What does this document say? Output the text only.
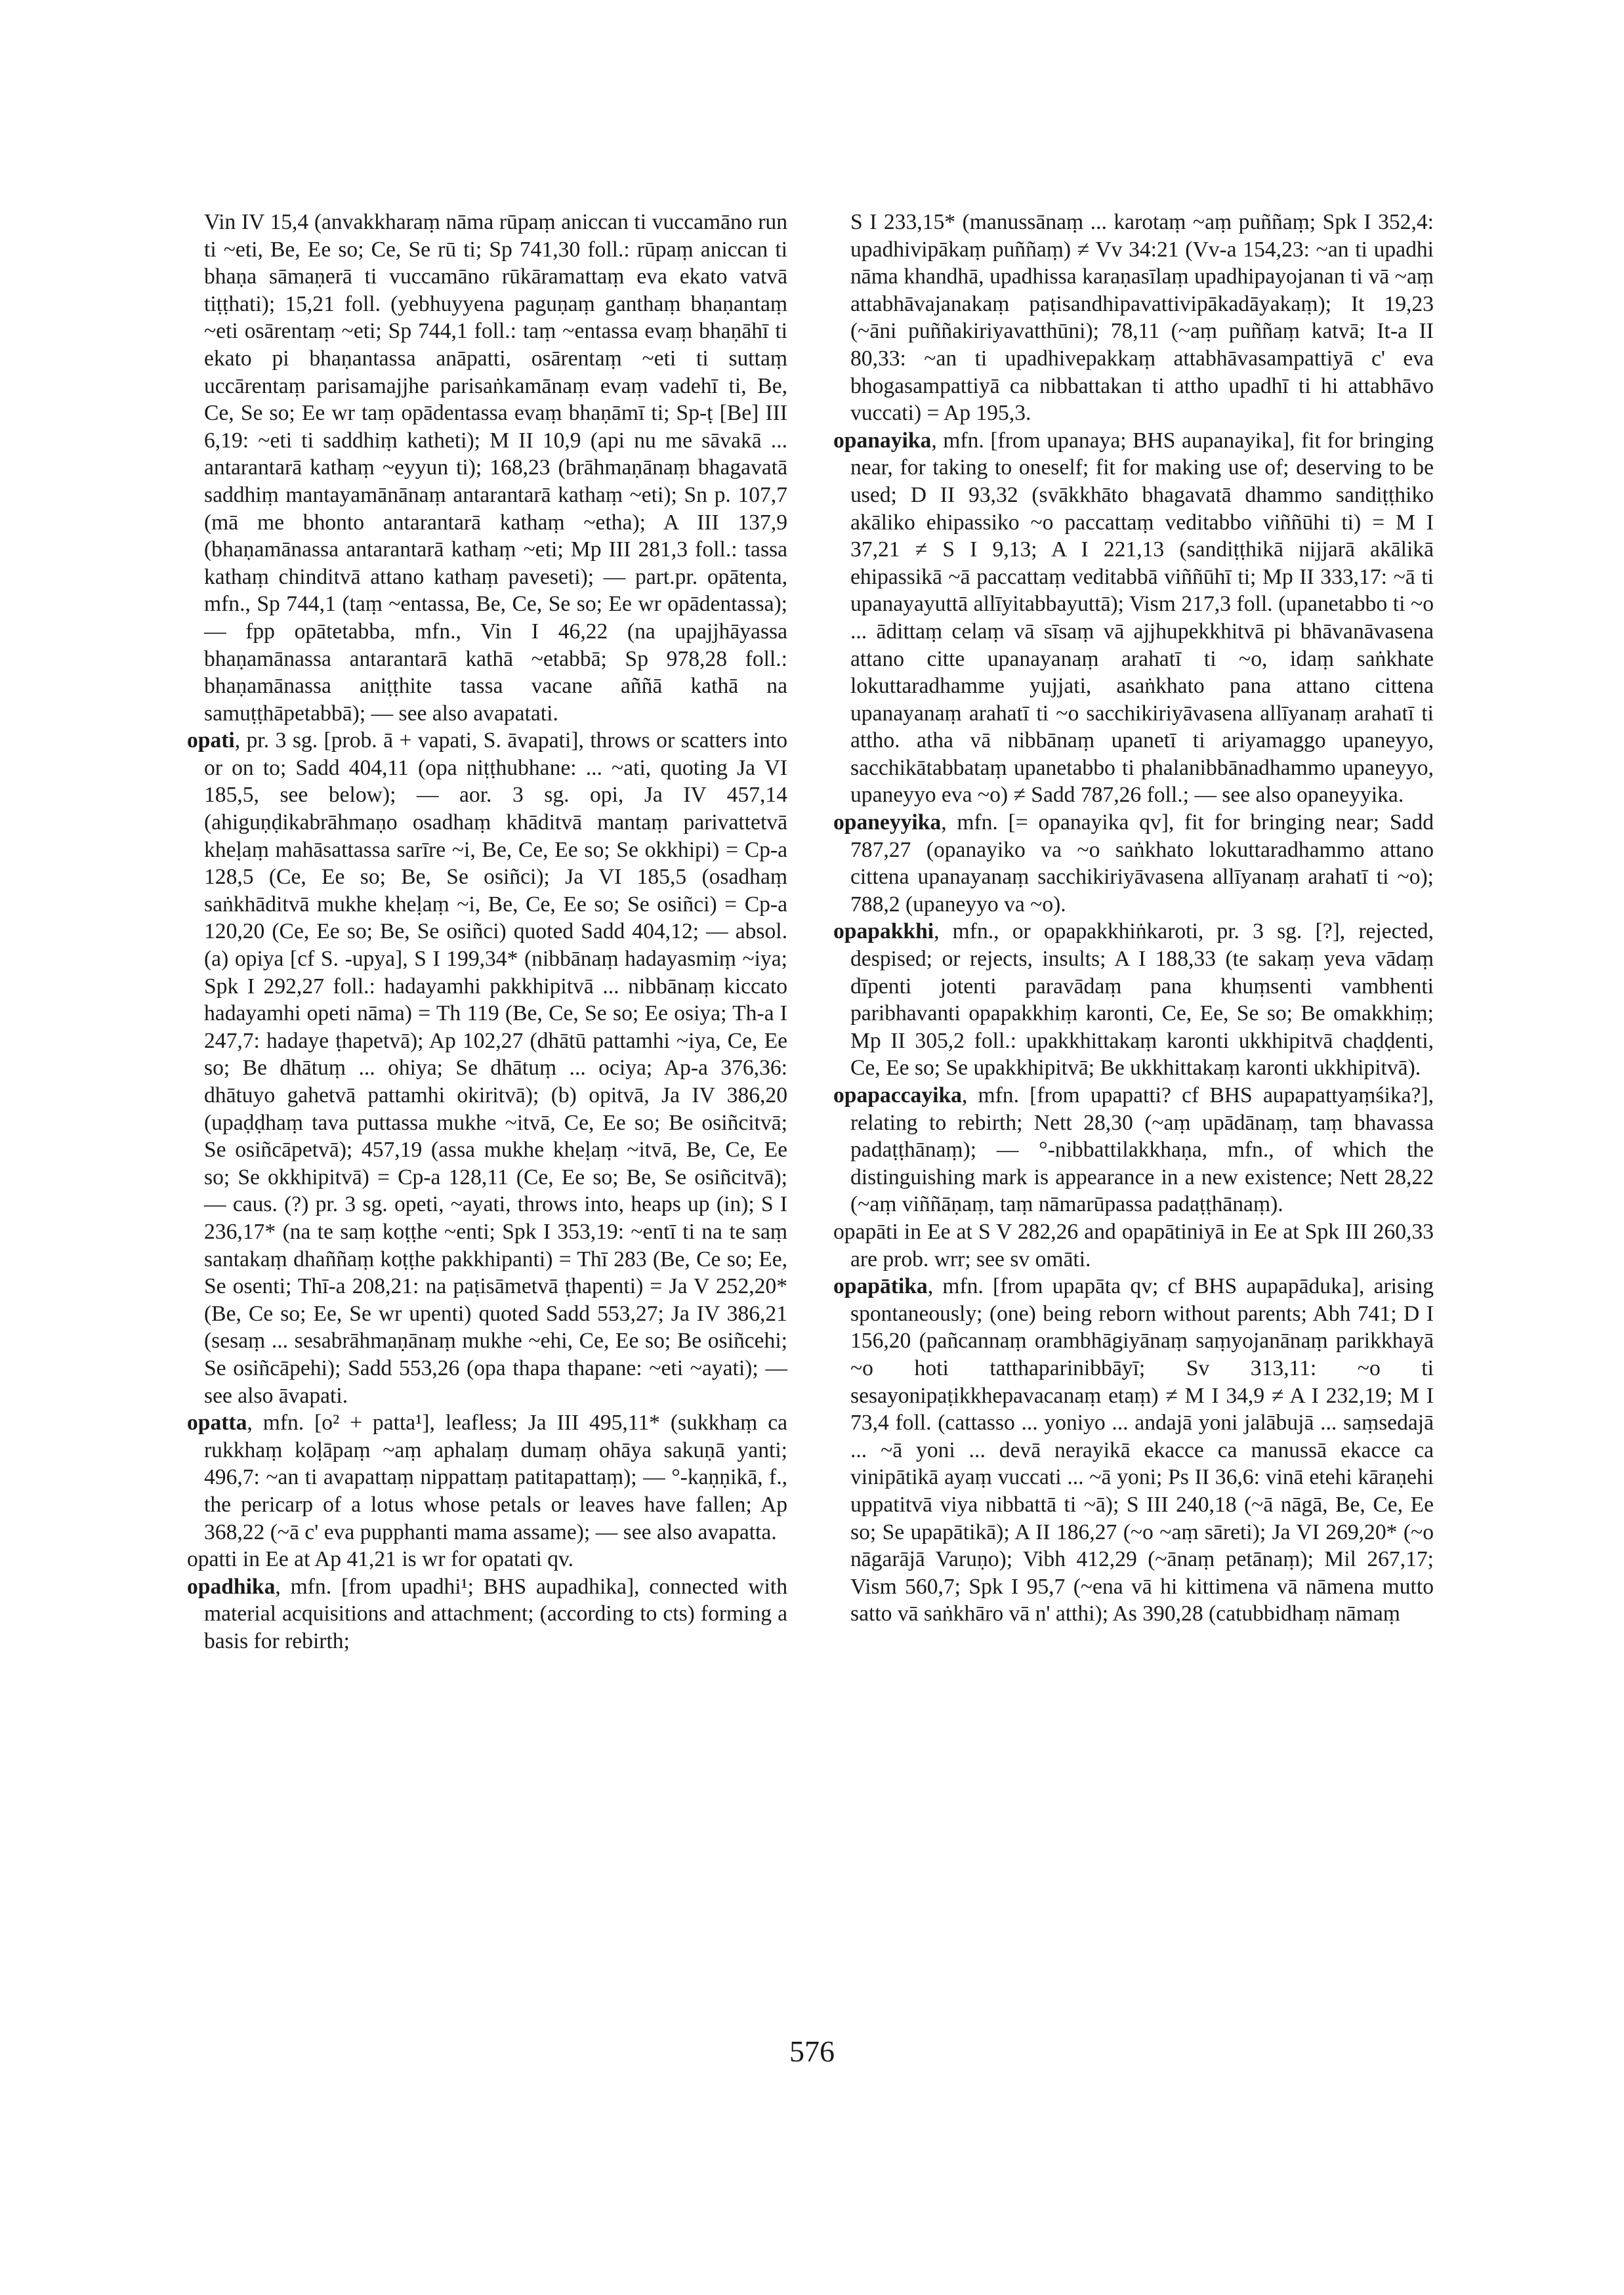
Vin IV 15,4 (anvakkharaṃ nāma rūpaṃ aniccan ti vuccamāno run ti ~eti, Be, Ee so; Ce, Se rū ti; Sp 741,30 foll.: rūpaṃ aniccan ti bhaṇa sāmaṇerā ti vuccamāno rūkāramattaṃ eva ekato vatvā tiṭṭhati); 15,21 foll. (yebhuyyena paguṇaṃ ganthaṃ bhaṇantaṃ ~eti osārentaṃ ~eti; Sp 744,1 foll.: taṃ ~entassa evaṃ bhaṇāhī ti ekato pi bhaṇantassa anāpatti, osārentaṃ ~eti ti suttaṃ uccārentaṃ parisamajjhe parisaṅkamānaṃ evaṃ vadehī ti, Be, Ce, Se so; Ee wr taṃ opādentassa evaṃ bhaṇāmī ti; Sp-ṭ [Be] III 6,19: ~eti ti saddhiṃ katheti); M II 10,9 (api nu me sāvakā ... antarantarā kathaṃ ~eyyun ti); 168,23 (brāhmaṇānaṃ bhagavatā saddhiṃ mantayamānānaṃ antarantarā kathaṃ ~eti); Sn p. 107,7 (mā me bhonto antarantarā kathaṃ ~etha); A III 137,9 (bhaṇamānassa antarantarā kathaṃ ~eti; Mp III 281,3 foll.: tassa kathaṃ chinditvā attano kathaṃ paveseti); — part.pr. opātenta, mfn., Sp 744,1 (taṃ ~entassa, Be, Ce, Se so; Ee wr opādentassa); — fpp opātetabba, mfn., Vin I 46,22 (na upajjhāyassa bhaṇamānassa antarantarā kathā ~etabbā; Sp 978,28 foll.: bhaṇamānassa aniṭṭhite tassa vacane aññā kathā na samuṭṭhāpetabbā); — see also avapatati.

opati, pr. 3 sg. [prob. ā + vapati, S. āvapati], throws or scatters into or on to; Sadd 404,11 (opa niṭṭhubhane: ... ~ati, quoting Ja VI 185,5, see below); — aor. 3 sg. opi, Ja IV 457,14 (ahiguṇḍikabrāhmaṇo osadhaṃ khāditvā mantaṃ parivattetvā kheḷaṃ mahāsattassa sarīre ~i, Be, Ce, Ee so; Se okkhipi) = Cp-a 128,5 (Ce, Ee so; Be, Se osiñci); Ja VI 185,5 (osadhaṃ saṅkhāditvā mukhe kheḷaṃ ~i, Be, Ce, Ee so; Se osiñci) = Cp-a 120,20 (Ce, Ee so; Be, Se osiñci) quoted Sadd 404,12; — absol. (a) opiya [cf S. -upya], S I 199,34* (nibbānaṃ hadayasmiṃ ~iya; Spk I 292,27 foll.: hadayamhi pakkhipitvā ... nibbānaṃ kiccato hadayamhi opeti nāma) = Th 119 (Be, Ce, Se so; Ee osiya; Th-a I 247,7: hadaye ṭhapetvā); Ap 102,27 (dhātū pattamhi ~iya, Ce, Ee so; Be dhātuṃ ... ohiya; Se dhātuṃ ... ociya; Ap-a 376,36: dhātuyo gahetvā pattamhi okiritvā); (b) opitvā, Ja IV 386,20 (upaḍḍhaṃ tava puttassa mukhe ~itvā, Ce, Ee so; Be osiñcitvā; Se osiñcāpetvā); 457,19 (assa mukhe kheḷaṃ ~itvā, Be, Ce, Ee so; Se okkhipitvā) = Cp-a 128,11 (Ce, Ee so; Be, Se osiñcitvā); — caus. (?) pr. 3 sg. opeti, ~ayati, throws into, heaps up (in); S I 236,17* (na te saṃ koṭṭhe ~enti; Spk I 353,19: ~entī ti na te saṃ santakaṃ dhaññaṃ koṭṭhe pakkhipanti) = Thī 283 (Be, Ce so; Ee, Se osenti; Thī-a 208,21: na paṭisāmetvā ṭhapenti) = Ja V 252,20* (Be, Ce so; Ee, Se wr upenti) quoted Sadd 553,27; Ja IV 386,21 (sesaṃ ... sesabrāhmaṇānaṃ mukhe ~ehi, Ce, Ee so; Be osiñcehi; Se osiñcāpehi); Sadd 553,26 (opa thapa thapane: ~eti ~ayati); — see also āvapati.

opatta, mfn. [o² + patta¹], leafless; Ja III 495,11* (sukkhaṃ ca rukkhaṃ koḷāpaṃ ~aṃ aphalaṃ dumaṃ ohāya sakuṇā yanti; 496,7: ~an ti avapattaṃ nippattaṃ patitapattaṃ); — °-kaṇṇikā, f., the pericarp of a lotus whose petals or leaves have fallen; Ap 368,22 (~ā c' eva pupphanti mama assame); — see also avapatta.

opatti in Ee at Ap 41,21 is wr for opatati qv.

opadhika, mfn. [from upadhi¹; BHS aupadhika], connected with material acquisitions and attachment; (according to cts) forming a basis for rebirth;

S I 233,15* (manussānaṃ ... karotaṃ ~aṃ puññaṃ; Spk I 352,4: upadhivipākaṃ puññaṃ) ≠ Vv 34:21 (Vv-a 154,23: ~an ti upadhi nāma khandhā, upadhissa karaṇasīlaṃ upadhipayojanan ti vā ~aṃ attabhāvajanakaṃ paṭisandhipavattivipākadāyakaṃ); It 19,23 (~āni puññakiriyavatthūni); 78,11 (~aṃ puññaṃ katvā; It-a II 80,33: ~an ti upadhivepakkaṃ attabhāvasampattiyā c' eva bhogasampattiyā ca nibbattakan ti attho upadhī ti hi attabhāvo vuccati) = Ap 195,3.

opanayika, mfn. [from upanaya; BHS aupanayika], fit for bringing near, for taking to oneself; fit for making use of; deserving to be used; D II 93,32 (svākkhāto bhagavatā dhammo sandiṭṭhiko akāliko ehipassiko ~o paccattaṃ veditabbo viññūhi ti) = M I 37,21 ≠ S I 9,13; A I 221,13 (sandiṭṭhikā nijjarā akālikā ehipassikā ~ā paccattaṃ veditabbā viññūhī ti; Mp II 333,17: ~ā ti upanayayuttā allīyitabbayuttā); Vism 217,3 foll. (upanetabbo ti ~o ... ādittaṃ celaṃ vā sīsaṃ vā ajjhupekkhitvā pi bhāvanāvasena attano citte upanayanaṃ arahatī ti ~o, idaṃ saṅkhate lokuttaradhamme yujjati, asaṅkhato pana attano cittena upanayanaṃ arahatī ti ~o sacchikiriyāvasena allīyanaṃ arahatī ti attho. atha vā nibbānaṃ upanetī ti ariyamaggo upaneyyo, sacchikātabbataṃ upanetabbo ti phalanibbānadhammo upaneyyo, upaneyyo eva ~o) ≠ Sadd 787,26 foll.; — see also opaneyyika.

opaneyyika, mfn. [= opanayika qv], fit for bringing near; Sadd 787,27 (opanayiko va ~o saṅkhato lokuttaradhammo attano cittena upanayanaṃ sacchikiriyāvasena allīyanaṃ arahatī ti ~o); 788,2 (upaneyyo va ~o).

opapakkhi, mfn., or opapakkhiṅkaroti, pr. 3 sg. [?], rejected, despised; or rejects, insults; A I 188,33 (te sakaṃ yeva vādaṃ dīpenti jotenti paravādaṃ pana khuṃsenti vambhenti paribhavanti opapakkhiṃ karonti, Ce, Ee, Se so; Be omakkhiṃ; Mp II 305,2 foll.: upakkhittakaṃ karonti ukkhipitvā chaḍḍenti, Ce, Ee so; Se upakkhipitvā; Be ukkhittakaṃ karonti ukkhipitvā).

opapaccayika, mfn. [from upapatti? cf BHS aupapattyaṃśika?], relating to rebirth; Nett 28,30 (~aṃ upādānaṃ, taṃ bhavassa padaṭṭhānaṃ); — °-nibbattilakkhaṇa, mfn., of which the distinguishing mark is appearance in a new existence; Nett 28,22 (~aṃ viññāṇaṃ, taṃ nāmarūpassa padaṭṭhānaṃ).

opapāti in Ee at S V 282,26 and opapātiniyā in Ee at Spk III 260,33 are prob. wrr; see sv omāti.

opapātika, mfn. [from upapāta qv; cf BHS aupapāduka], arising spontaneously; (one) being reborn without parents; Abh 741; D I 156,20 (pañcannaṃ orambhāgiyānaṃ saṃyojanānaṃ parikkhayā ~o hoti tatthaparinibbāyī; Sv 313,11: ~o ti sesayonipaṭikkhepavacanaṃ etaṃ) ≠ M I 34,9 ≠ A I 232,19; M I 73,4 foll. (cattasso ... yoniyo ... andajā yoni jalābujā ... saṃsedajā ... ~ā yoni ... devā nerayikā ekacce ca manussā ekacce ca vinipātikā ayaṃ vuccati ... ~ā yoni; Ps II 36,6: vinā etehi kāraṇehi uppatitvā viya nibbattā ti ~ā); S III 240,18 (~ā nāgā, Be, Ce, Ee so; Se upapātikā); A II 186,27 (~o ~aṃ sāreti); Ja VI 269,20* (~o nāgarājā Varuṇo); Vibh 412,29 (~ānaṃ petānaṃ); Mil 267,17; Vism 560,7; Spk I 95,7 (~ena vā hi kittimena vā nāmena mutto satto vā saṅkhāro vā n' atthi); As 390,28 (catubbidhaṃ nāmaṃ

576
